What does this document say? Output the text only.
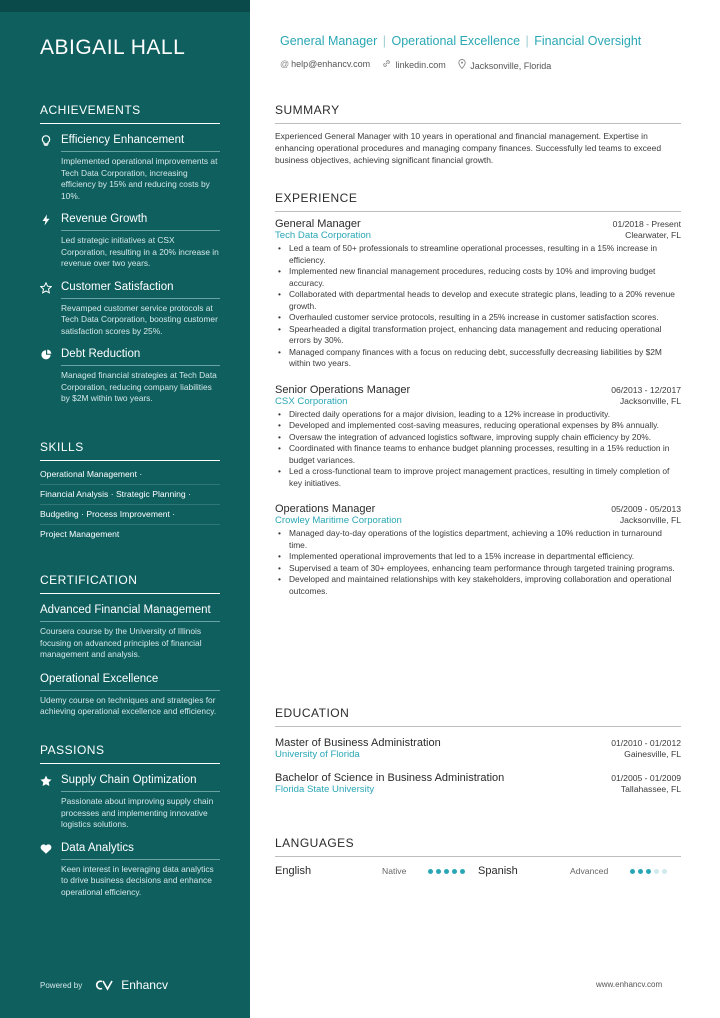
ABIGAIL HALL
ACHIEVEMENTS
Efficiency Enhancement
Implemented operational improvements at Tech Data Corporation, increasing efficiency by 15% and reducing costs by 10%.
Revenue Growth
Led strategic initiatives at CSX Corporation, resulting in a 20% increase in revenue over two years.
Customer Satisfaction
Revamped customer service protocols at Tech Data Corporation, boosting customer satisfaction scores by 25%.
Debt Reduction
Managed financial strategies at Tech Data Corporation, reducing company liabilities by $2M within two years.
SKILLS
Operational Management ·
Financial Analysis · Strategic Planning ·
Budgeting · Process Improvement ·
Project Management
CERTIFICATION
Advanced Financial Management
Coursera course by the University of Illinois focusing on advanced principles of financial management and analysis.
Operational Excellence
Udemy course on techniques and strategies for achieving operational excellence and efficiency.
PASSIONS
Supply Chain Optimization
Passionate about improving supply chain processes and implementing innovative logistics solutions.
Data Analytics
Keen interest in leveraging data analytics to drive business decisions and enhance operational efficiency.
Powered by	Enhancv
General Manager | Operational Excellence | Financial Oversight
@ help@enhancv.com	linkedin.com	Jacksonville, Florida
SUMMARY
Experienced General Manager with 10 years in operational and financial management. Expertise in enhancing operational procedures and managing company finances. Successfully led teams to exceed business objectives, achieving significant financial growth.
EXPERIENCE
General Manager	01/2018 - Present
Tech Data Corporation	Clearwater, FL
• Led a team of 50+ professionals to streamline operational processes, resulting in a 15% increase in efficiency.
• Implemented new financial management procedures, reducing costs by 10% and improving budget accuracy.
• Collaborated with departmental heads to develop and execute strategic plans, leading to a 20% revenue growth.
• Overhauled customer service protocols, resulting in a 25% increase in customer satisfaction scores.
• Spearheaded a digital transformation project, enhancing data management and reducing operational errors by 30%.
• Managed company finances with a focus on reducing debt, successfully decreasing liabilities by $2M within two years.
Senior Operations Manager	06/2013 - 12/2017
CSX Corporation	Jacksonville, FL
• Directed daily operations for a major division, leading to a 12% increase in productivity.
• Developed and implemented cost-saving measures, reducing operational expenses by 8% annually.
• Oversaw the integration of advanced logistics software, improving supply chain efficiency by 20%.
• Coordinated with finance teams to enhance budget planning processes, resulting in a 15% reduction in budget variances.
• Led a cross-functional team to improve project management practices, resulting in timely completion of key initiatives.
Operations Manager	05/2009 - 05/2013
Crowley Maritime Corporation	Jacksonville, FL
• Managed day-to-day operations of the logistics department, achieving a 10% reduction in turnaround time.
• Implemented operational improvements that led to a 15% increase in departmental efficiency.
• Supervised a team of 30+ employees, enhancing team performance through targeted training programs.
• Developed and maintained relationships with key stakeholders, improving collaboration and operational outcomes.
EDUCATION
Master of Business Administration	01/2010 - 01/2012
University of Florida	Gainesville, FL
Bachelor of Science in Business Administration	01/2005 - 01/2009
Florida State University	Tallahassee, FL
LANGUAGES
English	Native	Spanish	Advanced
www.enhancv.com
